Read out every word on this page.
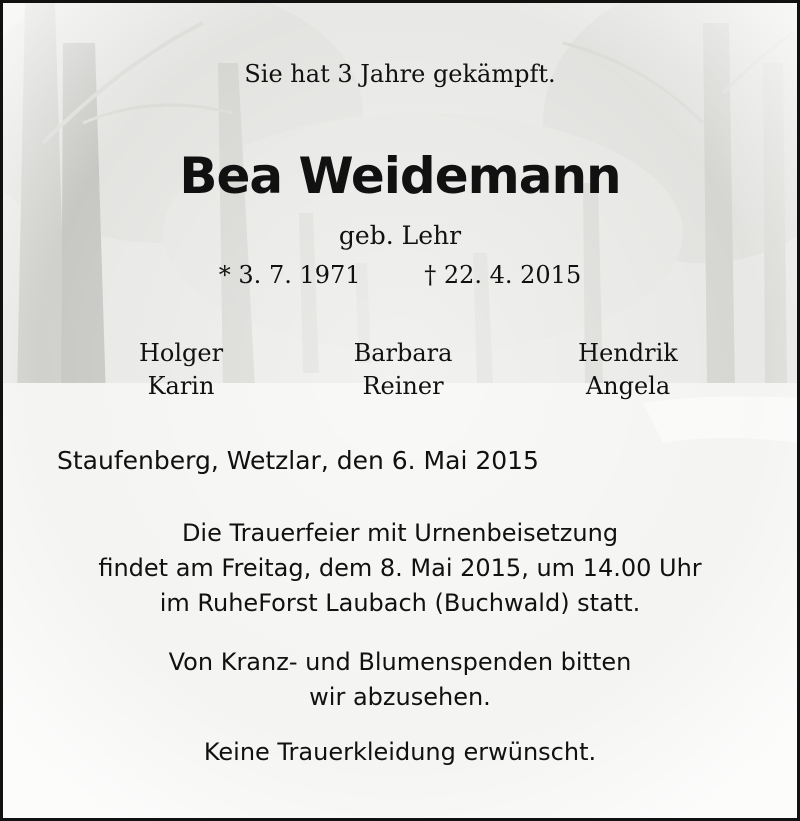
Sie hat 3 Jahre gekämpft.
Bea Weidemann
geb. Lehr
* 3. 7. 1971	† 22. 4. 2015
Holger
Karin
Barbara
Reiner
Hendrik
Angela
Staufenberg, Wetzlar, den 6. Mai 2015
Die Trauerfeier mit Urnenbeisetzung
findet am Freitag, dem 8. Mai 2015, um 14.00 Uhr
im RuheForst Laubach (Buchwald) statt.
Von Kranz- und Blumenspenden bitten
wir abzusehen.
Keine Trauerkleidung erwünscht.
